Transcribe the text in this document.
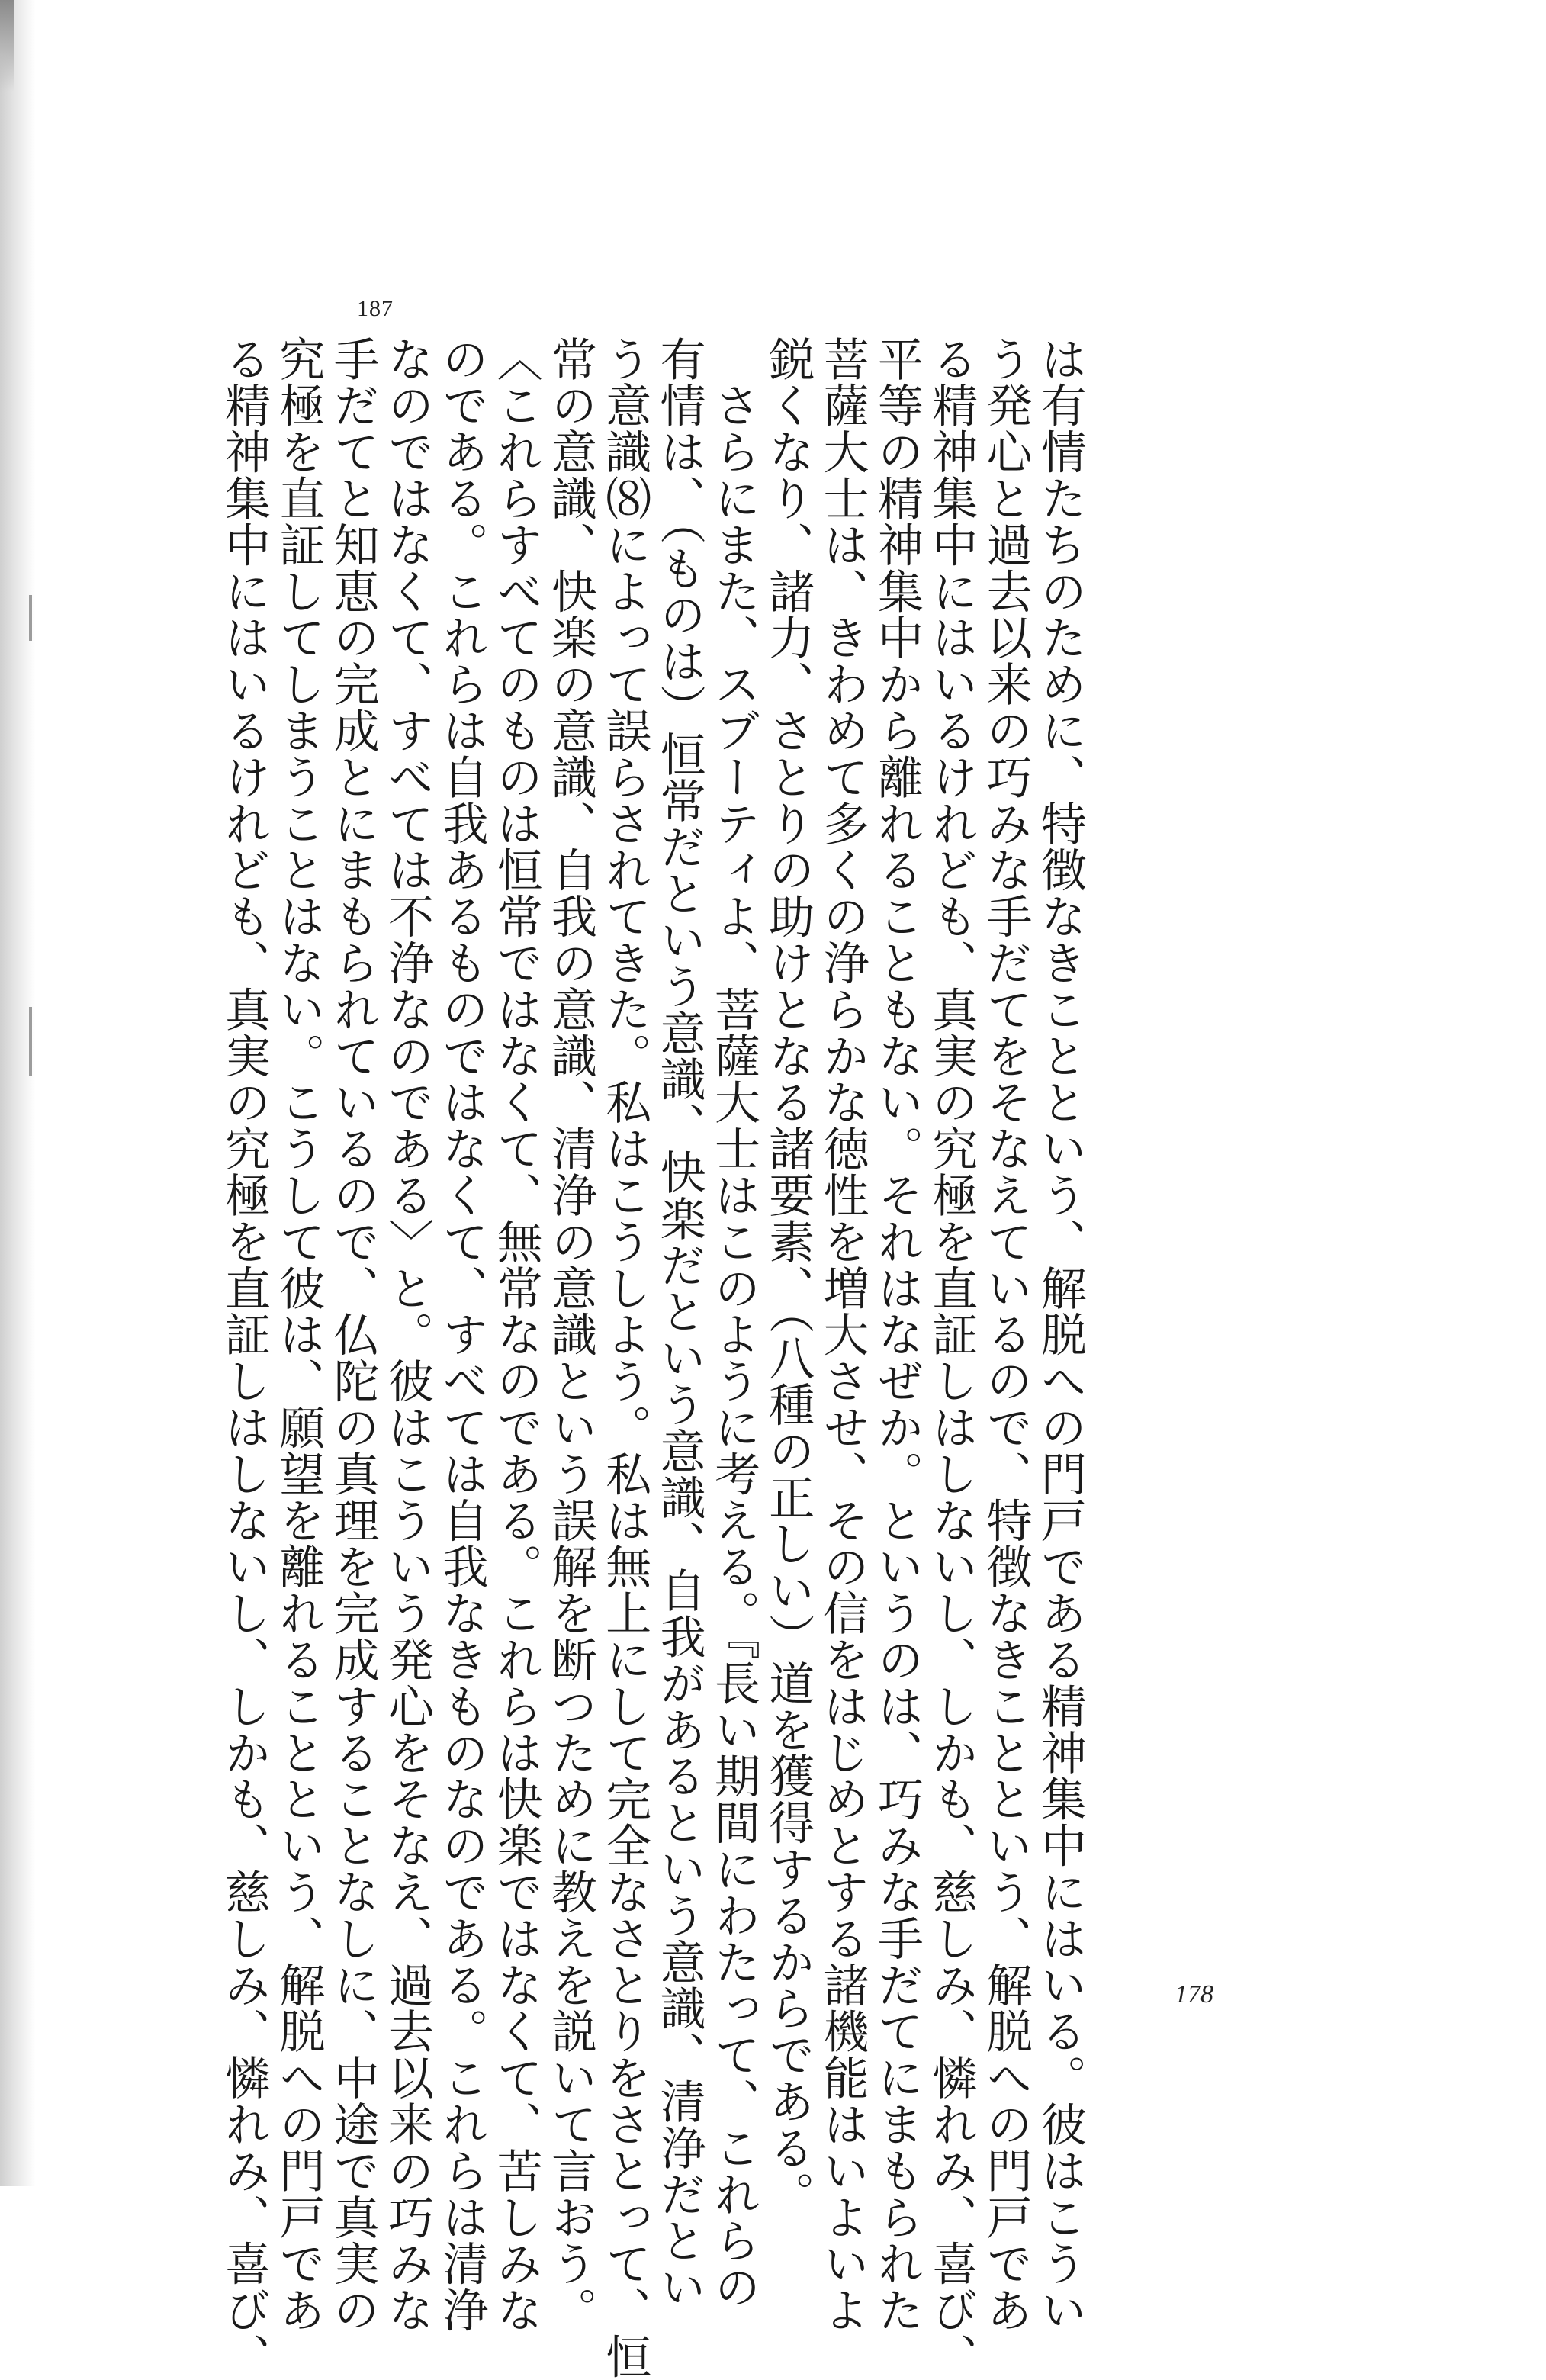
187
は有情たちのために、特徴なきことという、解脱への門戸である精神集中にはいる。彼はこうい
う発心と過去以来の巧みな手だてをそなえているので、特徴なきことという、解脱への門戸であ
る精神集中にはいるけれども、真実の究極を直証しはしないし、しかも、慈しみ、憐れみ、喜び、
平等の精神集中から離れることもない。それはなぜか。というのは、巧みな手だてにまもられた
菩薩大士は、きわめて多くの浄らかな徳性を増大させ、その信をはじめとする諸機能はいよいよ
鋭くなり、諸力、さとりの助けとなる諸要素、（八種の正しい）道を獲得するからである。
　さらにまた、スブーティよ、菩薩大士はこのように考える。『長い期間にわたって、これらの
有情は、（ものは）恒常だという意識、快楽だという意識、自我があるという意識、清浄だとい
う意識⑻によって誤らされてきた。私はこうしよう。私は無上にして完全なさとりをさとって、恒
常の意識、快楽の意識、自我の意識、清浄の意識という誤解を断つために教えを説いて言おう。
〈これらすべてのものは恒常ではなくて、無常なのである。これらは快楽ではなくて、苦しみな
のである。これらは自我あるものではなくて、すべては自我なきものなのである。これらは清浄
なのではなくて、すべては不浄なのである〉と。彼はこういう発心をそなえ、過去以来の巧みな
手だてと知恵の完成とにまもられているので、仏陀の真理を完成することなしに、中途で真実の
究極を直証してしまうことはない。こうして彼は、願望を離れることという、解脱への門戸であ
る精神集中にはいるけれども、真実の究極を直証しはしないし、しかも、慈しみ、憐れみ、喜び、	178
